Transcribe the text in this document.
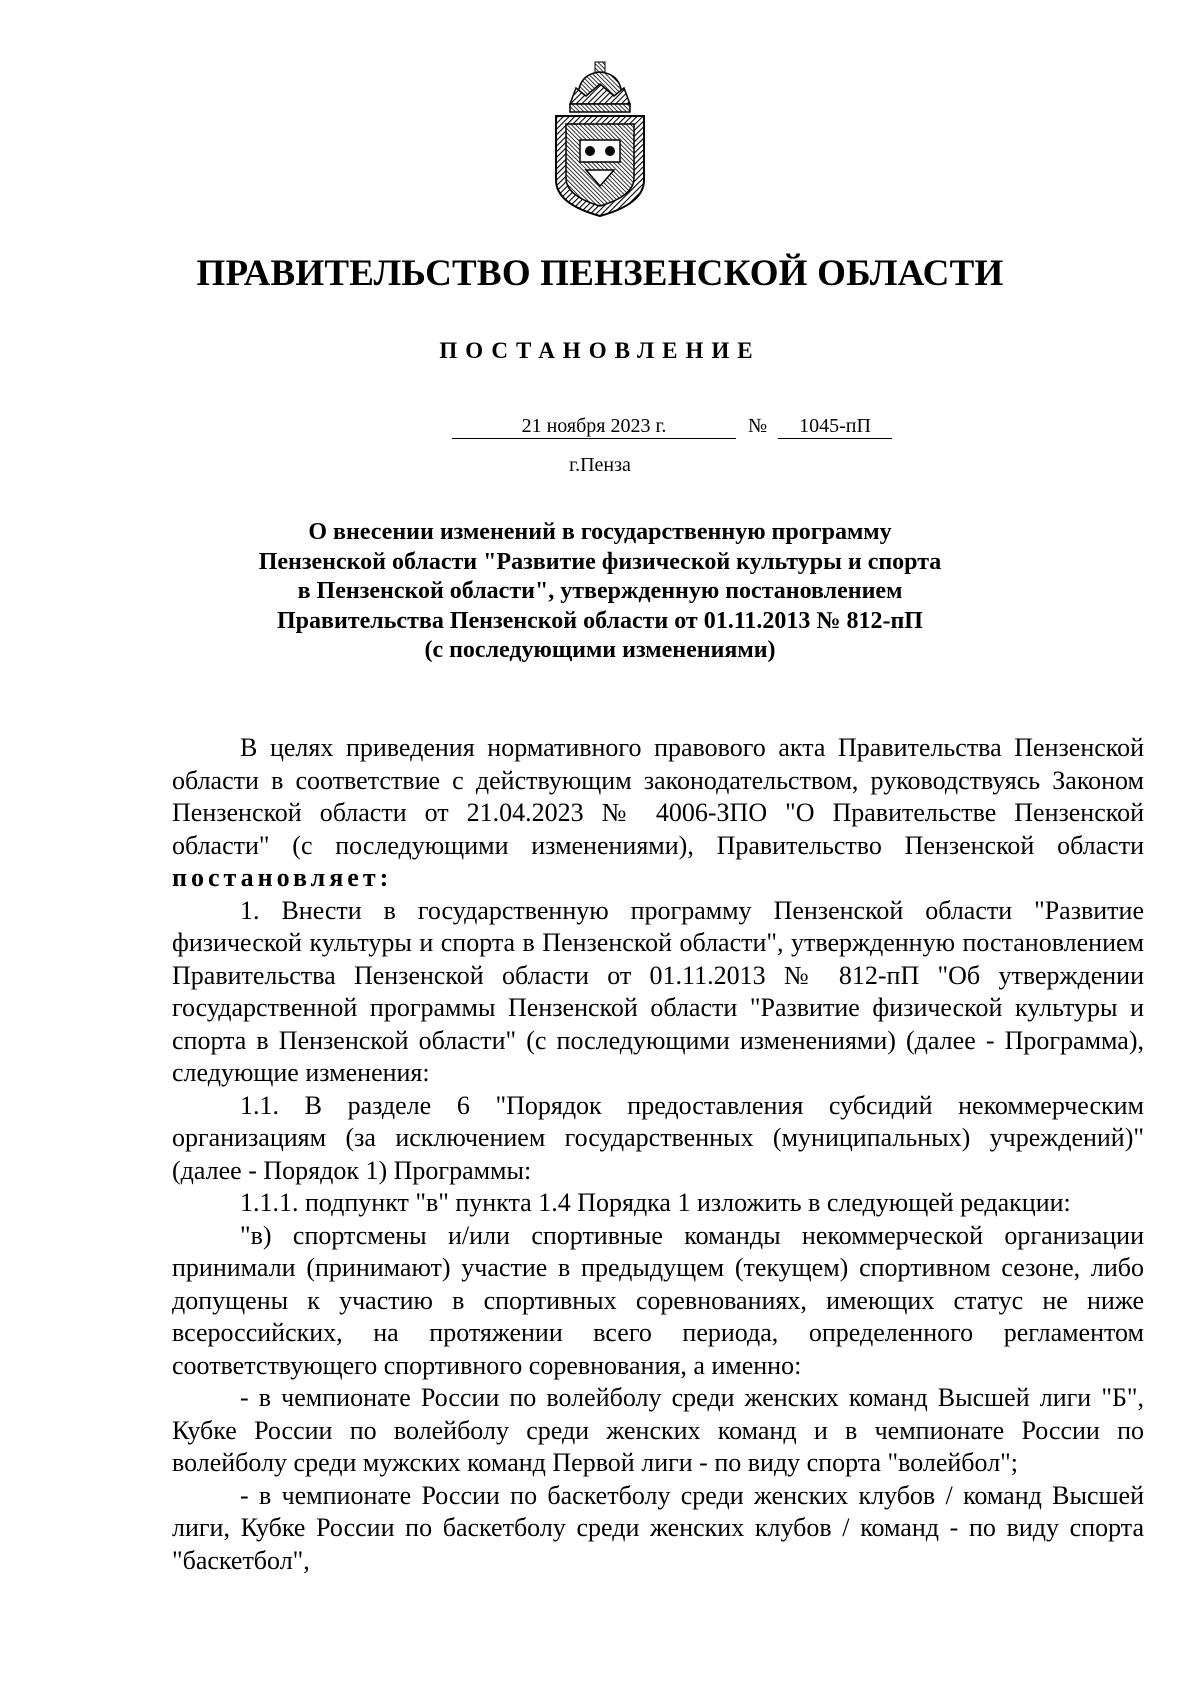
ПРАВИТЕЛЬСТВО ПЕНЗЕНСКОЙ ОБЛАСТИ
ПОСТАНОВЛЕНИЕ
21 ноября 2023 г.	№	1045-пП
г.Пенза
О внесении изменений в государственную программу
Пензенской области "Развитие физической культуры и спорта
в Пензенской области", утвержденную постановлением
Правительства Пензенской области от 01.11.2013 № 812-пП
(с последующими изменениями)

В целях приведения нормативного правового акта Правительства Пензенской области в соответствие с действующим законодательством, руководствуясь Законом Пензенской области от 21.04.2023 № 4006-ЗПО "О Правительстве Пензенской области" (с последующими изменениями), Правительство Пензенской области постановляет:

1. Внести в государственную программу Пензенской области "Развитие физической культуры и спорта в Пензенской области", утвержденную постановлением Правительства Пензенской области от 01.11.2013 № 812-пП "Об утверждении государственной программы Пензенской области "Развитие физической культуры и спорта в Пензенской области" (с последующими изменениями) (далее - Программа), следующие изменения:

1.1. В разделе 6 "Порядок предоставления субсидий некоммерческим организациям (за исключением государственных (муниципальных) учреждений)" (далее - Порядок 1) Программы:

1.1.1. подпункт "в" пункта 1.4 Порядка 1 изложить в следующей редакции:

"в) спортсмены и/или спортивные команды некоммерческой организации принимали (принимают) участие в предыдущем (текущем) спортивном сезоне, либо допущены к участию в спортивных соревнованиях, имеющих статус не ниже всероссийских, на протяжении всего периода, определенного регламентом соответствующего спортивного соревнования, а именно:

- в чемпионате России по волейболу среди женских команд Высшей лиги "Б", Кубке России по волейболу среди женских команд и в чемпионате России по волейболу среди мужских команд Первой лиги - по виду спорта "волейбол";

- в чемпионате России по баскетболу среди женских клубов / команд Высшей лиги, Кубке России по баскетболу среди женских клубов / команд - по виду спорта "баскетбол",
